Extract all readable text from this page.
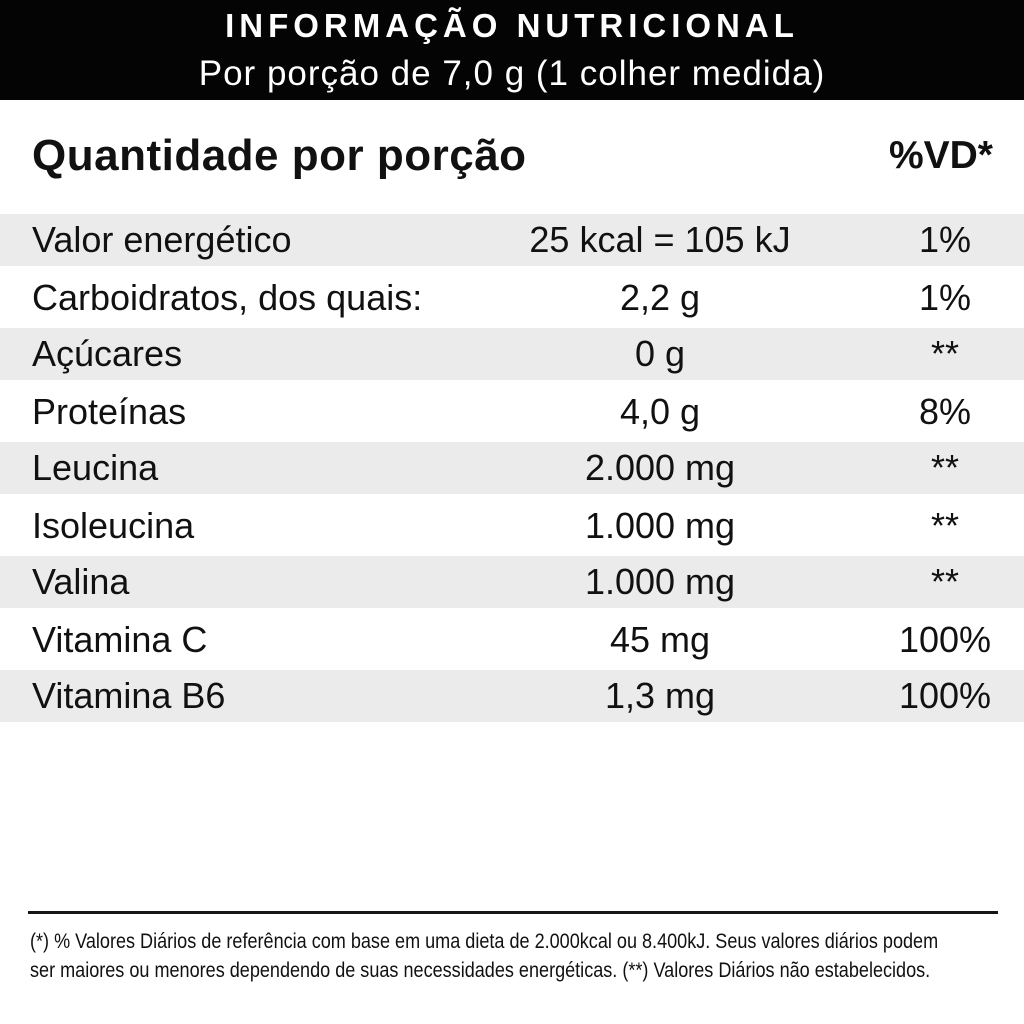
INFORMAÇÃO NUTRICIONAL
Por porção de 7,0 g (1 colher medida)
Quantidade por porção	%VD*
Valor energético	25 kcal = 105 kJ	1%
Carboidratos, dos quais:	2,2 g	1%
Açúcares	0 g	**
Proteínas	4,0 g	8%
Leucina	2.000 mg	**
Isoleucina	1.000 mg	**
Valina	1.000 mg	**
Vitamina C	45 mg	100%
Vitamina B6	1,3 mg	100%
(*) % Valores Diários de referência com base em uma dieta de 2.000kcal ou 8.400kJ. Seus valores diários podem
ser maiores ou menores dependendo de suas necessidades energéticas. (**) Valores Diários não estabelecidos.
